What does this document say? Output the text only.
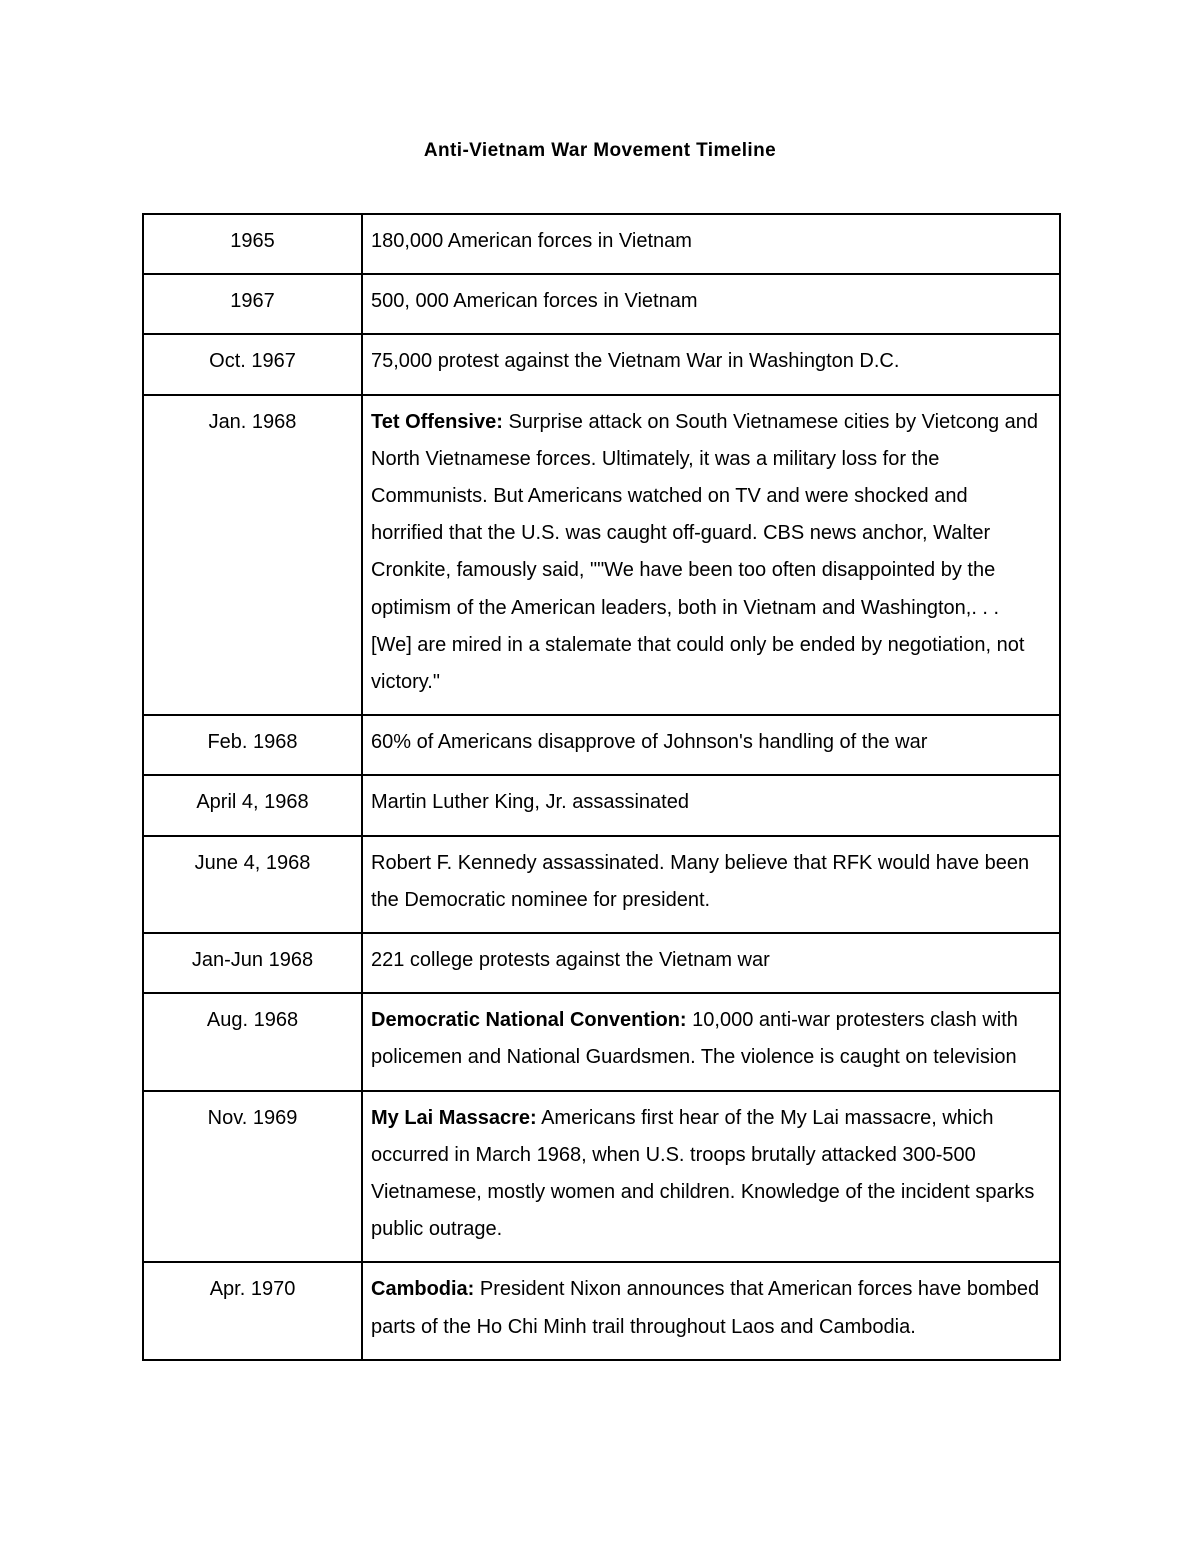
Anti-Vietnam War Movement Timeline
1965	180,000 American forces in Vietnam
1967	500, 000 American forces in Vietnam
Oct. 1967	75,000 protest against the Vietnam War in Washington D.C.
Jan. 1968	Tet Offensive: Surprise attack on South Vietnamese cities by Vietcong and North Vietnamese forces. Ultimately, it was a military loss for the Communists. But Americans watched on TV and were shocked and horrified that the U.S. was caught off-guard. CBS news anchor, Walter Cronkite, famously said, ""We have been too often disappointed by the optimism of the American leaders, both in Vietnam and Washington,. . . [We] are mired in a stalemate that could only be ended by negotiation, not victory."
Feb. 1968	60% of Americans disapprove of Johnson's handling of the war
April 4, 1968	Martin Luther King, Jr. assassinated
June 4, 1968	Robert F. Kennedy assassinated. Many believe that RFK would have been the Democratic nominee for president.
Jan-Jun 1968	221 college protests against the Vietnam war
Aug. 1968	Democratic National Convention: 10,000 anti-war protesters clash with policemen and National Guardsmen. The violence is caught on television
Nov. 1969	My Lai Massacre: Americans first hear of the My Lai massacre, which occurred in March 1968, when U.S. troops brutally attacked 300-500 Vietnamese, mostly women and children. Knowledge of the incident sparks public outrage.
Apr. 1970	Cambodia: President Nixon announces that American forces have bombed parts of the Ho Chi Minh trail throughout Laos and Cambodia.
